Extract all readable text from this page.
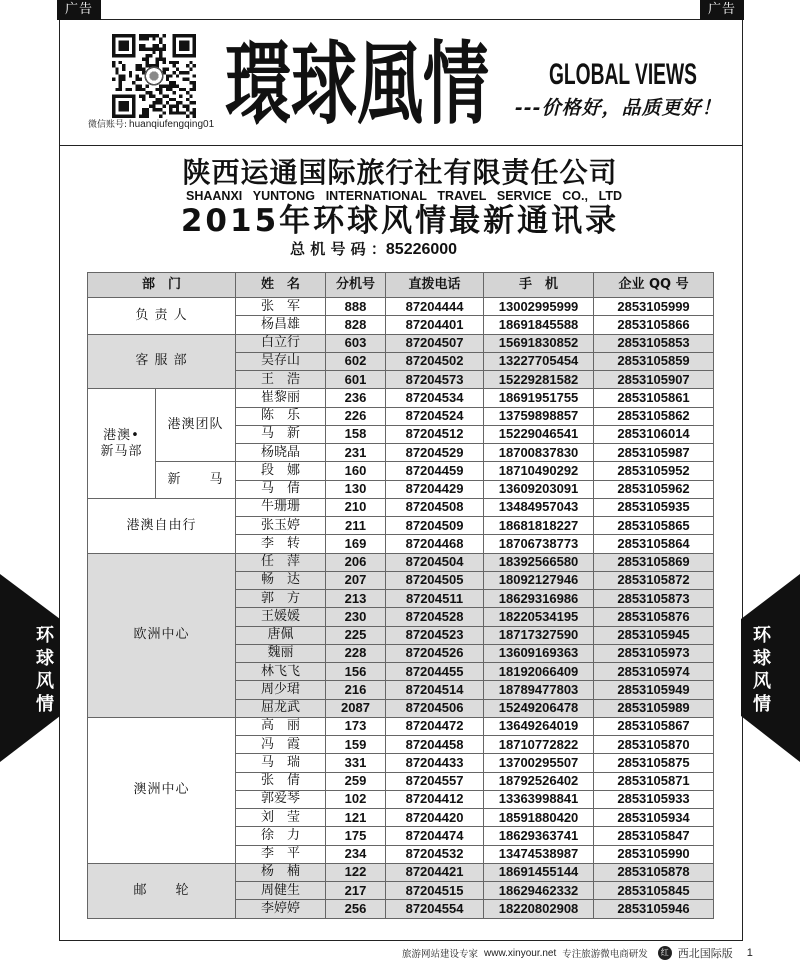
广告	广告
微信账号: huanqiufengqing01 環球風情 GLOBAL VIEWS
---价格好，品质更好！
陕西运通国际旅行社有限责任公司
SHAANXI YUNTONG INTERNATIONAL TRAVEL SERVICE CO., LTD
2015年环球风情最新通讯录
总 机 号 码 ：85226000
部　门		姓　名	分机号	直拨电话	手　机	企业 QQ 号
负 责 人		张　军	888	87204444	13002995999	2853105999
		杨昌雄	828	87204401	18691845588	2853105866
客 服 部		白立行	603	87204507	15691830852	2853105853
		吴存山	602	87204502	13227705454	2853105859
		王　浩	601	87204573	15229281582	2853105907

港澳•
新马部	港澳团队	崔黎丽	236	87204534	18691951755	2853105861
		陈　乐	226	87204524	13759898857	2853105862
		马　新	158	87204512	15229046541	2853106014
		杨晓晶	231	87204529	18700837830	2853105987
	新　　马	段　娜	160	87204459	18710490292	2853105952
		马　倩	130	87204429	13609203091	2853105962
港澳自由行		牛珊珊	210	87204508	13484957043	2853105935
		张玉婷	211	87204509	18681818227	2853105865
		李　转	169	87204468	18706738773	2853105864
欧洲中心		任　萍	206	87204504	18392566580	2853105869
		畅　达	207	87204505	18092127946	2853105872
		郭　方	213	87204511	18629316986	2853105873
		王媛媛	230	87204528	18220534195	2853105876
		唐佩	225	87204523	18717327590	2853105945
		魏丽	228	87204526	13609169363	2853105973
		林飞飞	156	87204455	18192066409	2853105974
		周少珺	216	87204514	18789477803	2853105949
		屈龙武	2087	87204506	15249206478	2853105989
澳洲中心		高　丽	173	87204472	13649264019	2853105867
		冯　霞	159	87204458	18710772822	2853105870
		马　瑞	331	87204433	13700295507	2853105875
		张　倩	259	87204557	18792526402	2853105871
		郭爱琴	102	87204412	13363998841	2853105933
		刘　莹	121	87204420	18591880420	2853105934
		徐　力	175	87204474	18629363741	2853105847
		李　平	234	87204532	13474538987	2853105990
邮　　轮		杨　楠	122	87204421	18691455144	2853105878
		周健生	217	87204515	18629462332	2853105845
		李婷婷	256	87204554	18220802908	2853105946
环球风情	环球风情
旅游网站建设专家 www.xinyour.net 专注旅游微电商研发	红 西北国际版 1
